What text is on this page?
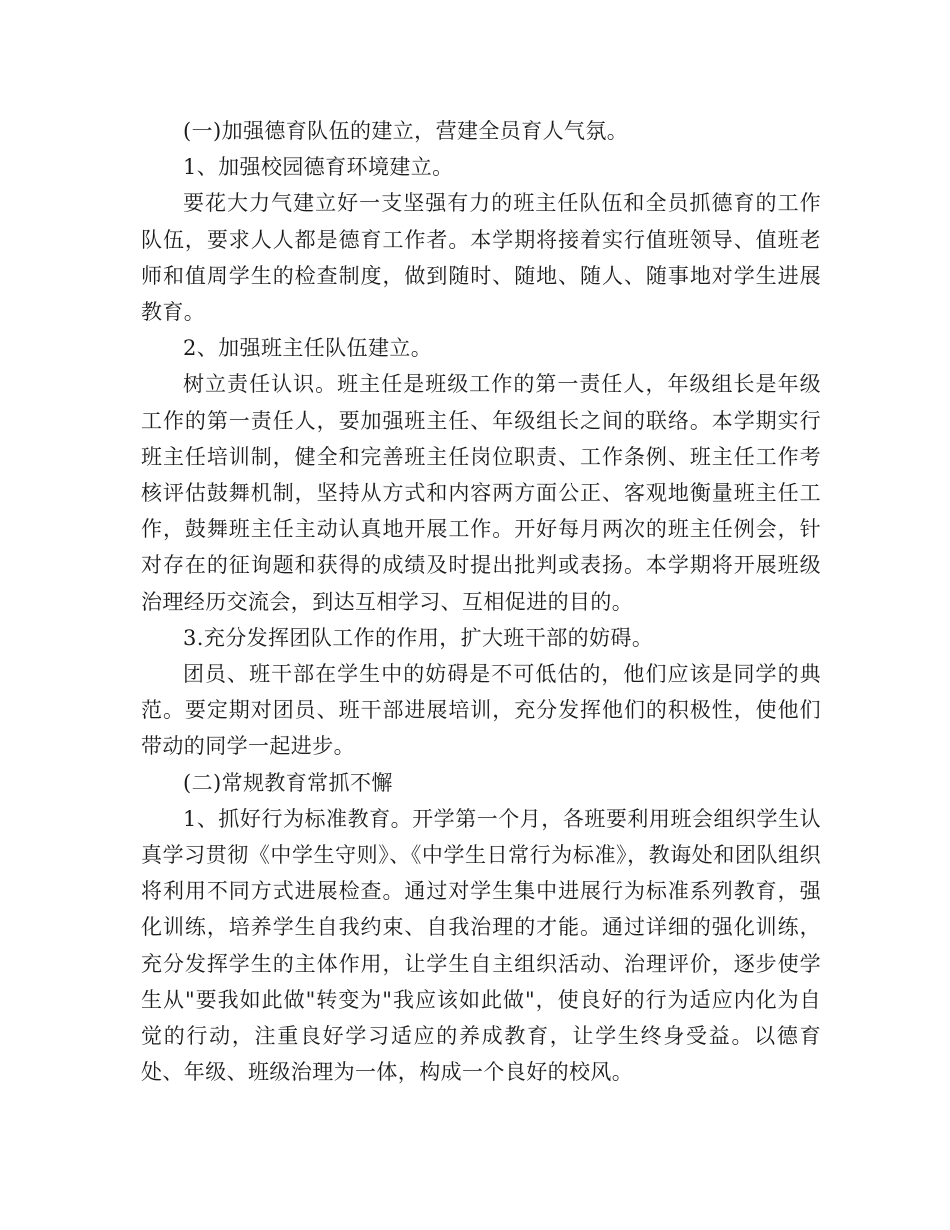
(一)加强德育队伍的建立，营建全员育人气氛。

1、加强校园德育环境建立。

要花大力气建立好一支坚强有力的班主任队伍和全员抓德育的工作队伍，要求人人都是德育工作者。本学期将接着实行值班领导、值班老师和值周学生的检查制度，做到随时、随地、随人、随事地对学生进展教育。

2、加强班主任队伍建立。

树立责任认识。班主任是班级工作的第一责任人，年级组长是年级工作的第一责任人，要加强班主任、年级组长之间的联络。本学期实行班主任培训制，健全和完善班主任岗位职责、工作条例、班主任工作考核评估鼓舞机制，坚持从方式和内容两方面公正、客观地衡量班主任工作，鼓舞班主任主动认真地开展工作。开好每月两次的班主任例会，针对存在的征询题和获得的成绩及时提出批判或表扬。本学期将开展班级治理经历交流会，到达互相学习、互相促进的目的。

3.充分发挥团队工作的作用，扩大班干部的妨碍。

团员、班干部在学生中的妨碍是不可低估的，他们应该是同学的典范。要定期对团员、班干部进展培训，充分发挥他们的积极性，使他们带动的同学一起进步。

(二)常规教育常抓不懈

1、抓好行为标准教育。开学第一个月，各班要利用班会组织学生认真学习贯彻《中学生守则》、《中学生日常行为标准》，教诲处和团队组织将利用不同方式进展检查。通过对学生集中进展行为标准系列教育，强化训练，培养学生自我约束、自我治理的才能。通过详细的强化训练，充分发挥学生的主体作用，让学生自主组织活动、治理评价，逐步使学生从"要我如此做"转变为"我应该如此做"，使良好的行为适应内化为自觉的行动，注重良好学习适应的养成教育，让学生终身受益。以德育处、年级、班级治理为一体，构成一个良好的校风。
